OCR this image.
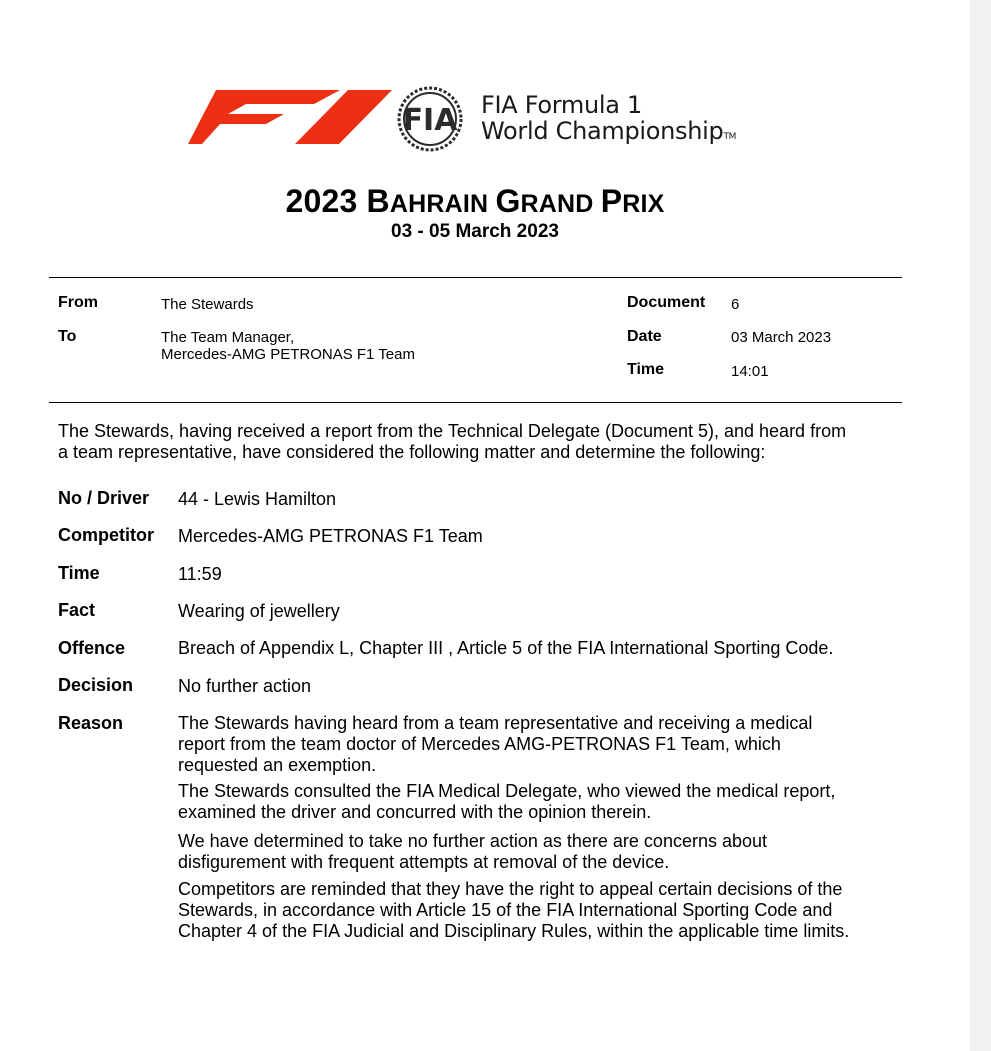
FIA FIA Formula 1
World ChampionshipTM
2023 BAHRAIN GRAND PRIX
03 - 05 March 2023
From	The Stewards
To	The Team Manager,
Mercedes-AMG PETRONAS F1 Team
Document 6
Date	03 March 2023
Time	14:01
The Stewards, having received a report from the Technical Delegate (Document 5), and heard from
a team representative, have considered the following matter and determine the following:
No / Driver 44 - Lewis Hamilton
Competitor Mercedes-AMG PETRONAS F1 Team
Time	11:59
Fact	Wearing of jewellery
Offence	Breach of Appendix L, Chapter III , Article 5 of the FIA International Sporting Code.
Decision No further action
Reason	The Stewards having heard from a team representative and receiving a medical

report from the team doctor of Mercedes AMG-PETRONAS F1 Team, which

requested an exemption.

The Stewards consulted the FIA Medical Delegate, who viewed the medical report,

examined the driver and concurred with the opinion therein.

We have determined to take no further action as there are concerns about

disfigurement with frequent attempts at removal of the device.

Competitors are reminded that they have the right to appeal certain decisions of the

Stewards, in accordance with Article 15 of the FIA International Sporting Code and

Chapter 4 of the FIA Judicial and Disciplinary Rules, within the applicable time limits.
